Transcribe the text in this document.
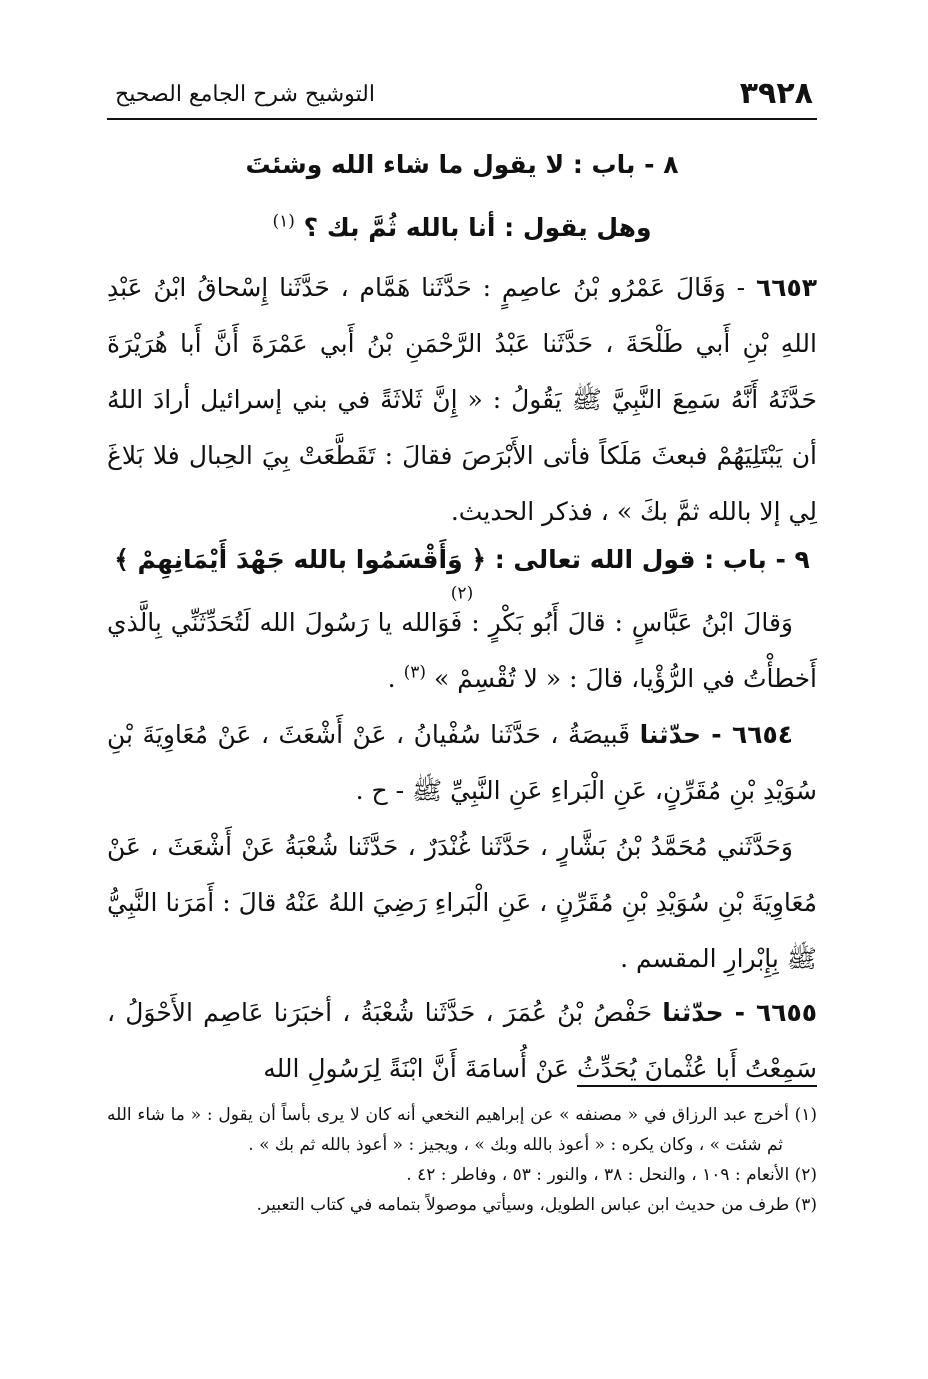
٣٩٢٨
التوشيح شرح الجامع الصحيح
٨ - باب : لا يقول ما شاء الله وشئتَ
وهل يقول : أنا بالله ثُمَّ بك ؟ $^{(١)}$

٦٦٥٣ - وَقَالَ عَمْرُو بْنُ عاصِمٍ : حَدَّثَنا هَمَّام ، حَدَّثَنا إِسْحاقُ ابْنُ عَبْدِ اللهِ بْنِ أَبي طَلْحَةَ ، حَدَّثَنا عَبْدُ الرَّحْمَنِ بْنُ أَبي عَمْرَةَ أَنَّ أَبا هُرَيْرَةَ حَدَّثَهُ أَنَّهُ سَمِعَ النَّبِيَّ ﷺ يَقُولُ : « إِنَّ ثَلاثَةً في بني إسرائيل أرادَ اللهُ أن يَبْتَلِيَهُمْ فبعثَ مَلَكاً فأتى الأَبْرَصَ فقالَ : تَقَطَّعَتْ بِيَ الحِبال فلا بَلاغَ لِي إلا بالله ثمَّ بكَ » ، فذكر الحديث.

٩ - باب : قول الله تعالى : ﴿ وَأَقْسَمُوا بالله جَهْدَ أَيْمَانِهِمْ ﴾ $^{(٢)}$

وَقالَ ابْنُ عَبَّاسٍ : قالَ أَبُو بَكْرٍ : فَوَالله يا رَسُولَ الله لَتُحَدِّثَنِّي بِالَّذي أَخطأْتُ في الرُّؤْيا، قالَ : « لا تُقْسِمْ » $^{(٣)}$ .

٦٦٥٤ - حدّثنا قَبيصَةُ ، حَدَّثَنا سُفْيانُ ، عَنْ أَشْعَثَ ، عَنْ مُعَاوِيَةَ بْنِ سُوَيْدِ بْنِ مُقَرِّنٍ، عَنِ الْبَراءِ عَنِ النَّبِيِّ ﷺ - ح .

وَحَدَّثَني مُحَمَّدُ بْنُ بَشَّارٍ ، حَدَّثَنا غُنْدَرٌ ، حَدَّثَنا شُعْبَةُ عَنْ أَشْعَثَ ، عَنْ مُعَاوِيَةَ بْنِ سُوَيْدِ بْنِ مُقَرِّنٍ ، عَنِ الْبَراءِ رَضِيَ اللهُ عَنْهُ قالَ : أَمَرَنا النَّبِيُّ ﷺ بِإِبْرارِ المقسم .

٦٦٥٥ - حدّثنا حَفْصُ بْنُ عُمَرَ ، حَدَّثَنا شُعْبَةُ ، أخبَرَنا عَاصِم الأَحْوَلُ ، سَمِعْتُ أَبا عُثْمانَ يُحَدِّثُ عَنْ أُسامَةَ أَنَّ ابْنَةً لِرَسُولِ الله

(١) أخرج عبد الرزاق في « مصنفه » عن إبراهيم النخعي أنه كان لا يرى بأساً أن يقول : « ما شاء الله ثم شئت » ، وكان يكره : « أعوذ بالله وبك » ، ويجيز : « أعوذ بالله ثم بك » .

(٢) الأنعام : ١٠٩ ، والنحل : ٣٨ ، والنور : ٥٣ ، وفاطر : ٤٢ .

(٣) طرف من حديث ابن عباس الطويل، وسيأتي موصولاً بتمامه في كتاب التعبير.
